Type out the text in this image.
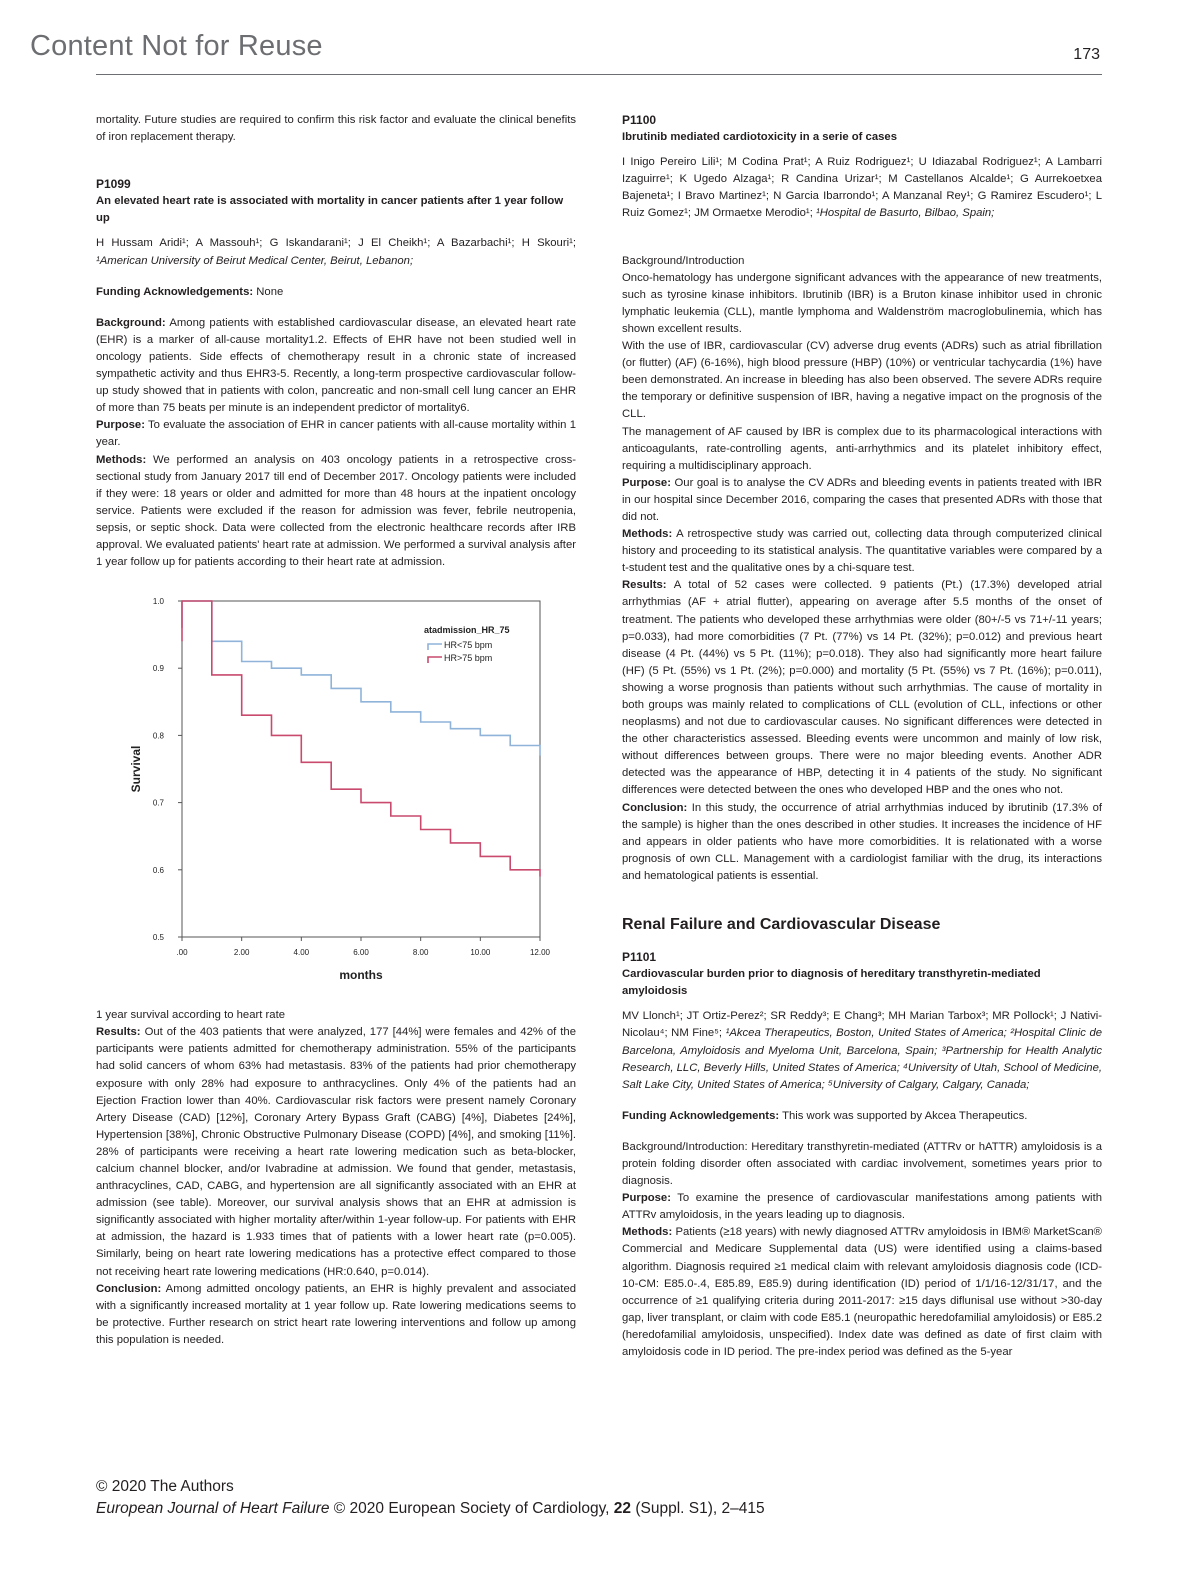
Content Not for Reuse	173

mortality. Future studies are required to confirm this risk factor and evaluate the clinical benefits of iron replacement therapy.

P1099

An elevated heart rate is associated with mortality in cancer patients after 1 year follow up

H Hussam Aridi¹; A Massouh¹; G Iskandarani¹; J El Cheikh¹; A Bazarbachi¹; H Skouri¹; ¹American University of Beirut Medical Center, Beirut, Lebanon;

Funding Acknowledgements: None

Background: Among patients with established cardiovascular disease, an elevated heart rate (EHR) is a marker of all-cause mortality1.2. Effects of EHR have not been studied well in oncology patients. Side effects of chemotherapy result in a chronic state of increased sympathetic activity and thus EHR3-5. Recently, a long-term prospective cardiovascular follow-up study showed that in patients with colon, pancreatic and non-small cell lung cancer an EHR of more than 75 beats per minute is an independent predictor of mortality6.

Purpose: To evaluate the association of EHR in cancer patients with all-cause mortality within 1 year.

Methods: We performed an analysis on 403 oncology patients in a retrospective cross-sectional study from January 2017 till end of December 2017. Oncology patients were included if they were: 18 years or older and admitted for more than 48 hours at the inpatient oncology service. Patients were excluded if the reason for admission was fever, febrile neutropenia, sepsis, or septic shock. Data were collected from the electronic healthcare records after IRB approval. We evaluated patients' heart rate at admission. We performed a survival analysis after 1 year follow up for patients according to their heart rate at admission.

0.5
0.6
0.7
0.8
0.9
1.0
.00	2.00	4.00	6.00	8.00	10.00	12.00
months
Survival
atadmission_HR_75
HR<75 bpm
HR>75 bpm

1 year survival according to heart rate

Results: Out of the 403 patients that were analyzed, 177 [44%] were females and 42% of the participants were patients admitted for chemotherapy administration. 55% of the participants had solid cancers of whom 63% had metastasis. 83% of the patients had prior chemotherapy exposure with only 28% had exposure to anthracyclines. Only 4% of the patients had an Ejection Fraction lower than 40%. Cardiovascular risk factors were present namely Coronary Artery Disease (CAD) [12%], Coronary Artery Bypass Graft (CABG) [4%], Diabetes [24%], Hypertension [38%], Chronic Obstructive Pulmonary Disease (COPD) [4%], and smoking [11%]. 28% of participants were receiving a heart rate lowering medication such as beta-blocker, calcium channel blocker, and/or Ivabradine at admission. We found that gender, metastasis, anthracyclines, CAD, CABG, and hypertension are all significantly associated with an EHR at admission (see table). Moreover, our survival analysis shows that an EHR at admission is significantly associated with higher mortality after/within 1-year follow-up. For patients with EHR at admission, the hazard is 1.933 times that of patients with a lower heart rate (p=0.005). Similarly, being on heart rate lowering medications has a protective effect compared to those not receiving heart rate lowering medications (HR:0.640, p=0.014).

Conclusion: Among admitted oncology patients, an EHR is highly prevalent and associated with a significantly increased mortality at 1 year follow up. Rate lowering medications seems to be protective. Further research on strict heart rate lowering interventions and follow up among this population is needed.

P1100

Ibrutinib mediated cardiotoxicity in a serie of cases

I Inigo Pereiro Lili¹; M Codina Prat¹; A Ruiz Rodriguez¹; U Idiazabal Rodriguez¹; A Lambarri Izaguirre¹; K Ugedo Alzaga¹; R Candina Urizar¹; M Castellanos Alcalde¹; G Aurrekoetxea Bajeneta¹; I Bravo Martinez¹; N Garcia Ibarrondo¹; A Manzanal Rey¹; G Ramirez Escudero¹; L Ruiz Gomez¹; JM Ormaetxe Merodio¹; ¹Hospital de Basurto, Bilbao, Spain;

Background/Introduction

Onco-hematology has undergone significant advances with the appearance of new treatments, such as tyrosine kinase inhibitors. Ibrutinib (IBR) is a Bruton kinase inhibitor used in chronic lymphatic leukemia (CLL), mantle lymphoma and Waldenström macroglobulinemia, which has shown excellent results.

With the use of IBR, cardiovascular (CV) adverse drug events (ADRs) such as atrial fibrillation (or flutter) (AF) (6-16%), high blood pressure (HBP) (10%) or ventricular tachycardia (1%) have been demonstrated. An increase in bleeding has also been observed. The severe ADRs require the temporary or definitive suspension of IBR, having a negative impact on the prognosis of the CLL.

The management of AF caused by IBR is complex due to its pharmacological interactions with anticoagulants, rate-controlling agents, anti-arrhythmics and its platelet inhibitory effect, requiring a multidisciplinary approach.

Purpose: Our goal is to analyse the CV ADRs and bleeding events in patients treated with IBR in our hospital since December 2016, comparing the cases that presented ADRs with those that did not.

Methods: A retrospective study was carried out, collecting data through computerized clinical history and proceeding to its statistical analysis. The quantitative variables were compared by a t-student test and the qualitative ones by a chi-square test.

Results: A total of 52 cases were collected. 9 patients (Pt.) (17.3%) developed atrial arrhythmias (AF + atrial flutter), appearing on average after 5.5 months of the onset of treatment. The patients who developed these arrhythmias were older (80+/-5 vs 71+/-11 years; p=0.033), had more comorbidities (7 Pt. (77%) vs 14 Pt. (32%); p=0.012) and previous heart disease (4 Pt. (44%) vs 5 Pt. (11%); p=0.018). They also had significantly more heart failure (HF) (5 Pt. (55%) vs 1 Pt. (2%); p=0.000) and mortality (5 Pt. (55%) vs 7 Pt. (16%); p=0.011), showing a worse prognosis than patients without such arrhythmias. The cause of mortality in both groups was mainly related to complications of CLL (evolution of CLL, infections or other neoplasms) and not due to cardiovascular causes. No significant differences were detected in the other characteristics assessed. Bleeding events were uncommon and mainly of low risk, without differences between groups. There were no major bleeding events. Another ADR detected was the appearance of HBP, detecting it in 4 patients of the study. No significant differences were detected between the ones who developed HBP and the ones who not.

Conclusion: In this study, the occurrence of atrial arrhythmias induced by ibrutinib (17.3% of the sample) is higher than the ones described in other studies. It increases the incidence of HF and appears in older patients who have more comorbidities. It is relationated with a worse prognosis of own CLL. Management with a cardiologist familiar with the drug, its interactions and hematological patients is essential.

Renal Failure and Cardiovascular Disease

P1101

Cardiovascular burden prior to diagnosis of hereditary transthyretin-mediated amyloidosis

MV Llonch¹; JT Ortiz-Perez²; SR Reddy³; E Chang³; MH Marian Tarbox³; MR Pollock¹; J Nativi-Nicolau⁴; NM Fine⁵; ¹Akcea Therapeutics, Boston, United States of America; ²Hospital Clinic de Barcelona, Amyloidosis and Myeloma Unit, Barcelona, Spain; ³Partnership for Health Analytic Research, LLC, Beverly Hills, United States of America; ⁴University of Utah, School of Medicine, Salt Lake City, United States of America; ⁵University of Calgary, Calgary, Canada;

Funding Acknowledgements: This work was supported by Akcea Therapeutics.

Background/Introduction: Hereditary transthyretin-mediated (ATTRv or hATTR) amyloidosis is a protein folding disorder often associated with cardiac involvement, sometimes years prior to diagnosis.

Purpose: To examine the presence of cardiovascular manifestations among patients with ATTRv amyloidosis, in the years leading up to diagnosis.

Methods: Patients (≥18 years) with newly diagnosed ATTRv amyloidosis in IBM® MarketScan® Commercial and Medicare Supplemental data (US) were identified using a claims-based algorithm. Diagnosis required ≥1 medical claim with relevant amyloidosis diagnosis code (ICD-10-CM: E85.0-.4, E85.89, E85.9) during identification (ID) period of 1/1/16-12/31/17, and the occurrence of ≥1 qualifying criteria during 2011-2017: ≥15 days diflunisal use without >30-day gap, liver transplant, or claim with code E85.1 (neuropathic heredofamilial amyloidosis) or E85.2 (heredofamilial amyloidosis, unspecified). Index date was defined as date of first claim with amyloidosis code in ID period. The pre-index period was defined as the 5-year

© 2020 The Authors
European Journal of Heart Failure © 2020 European Society of Cardiology, 22 (Suppl. S1), 2–415
